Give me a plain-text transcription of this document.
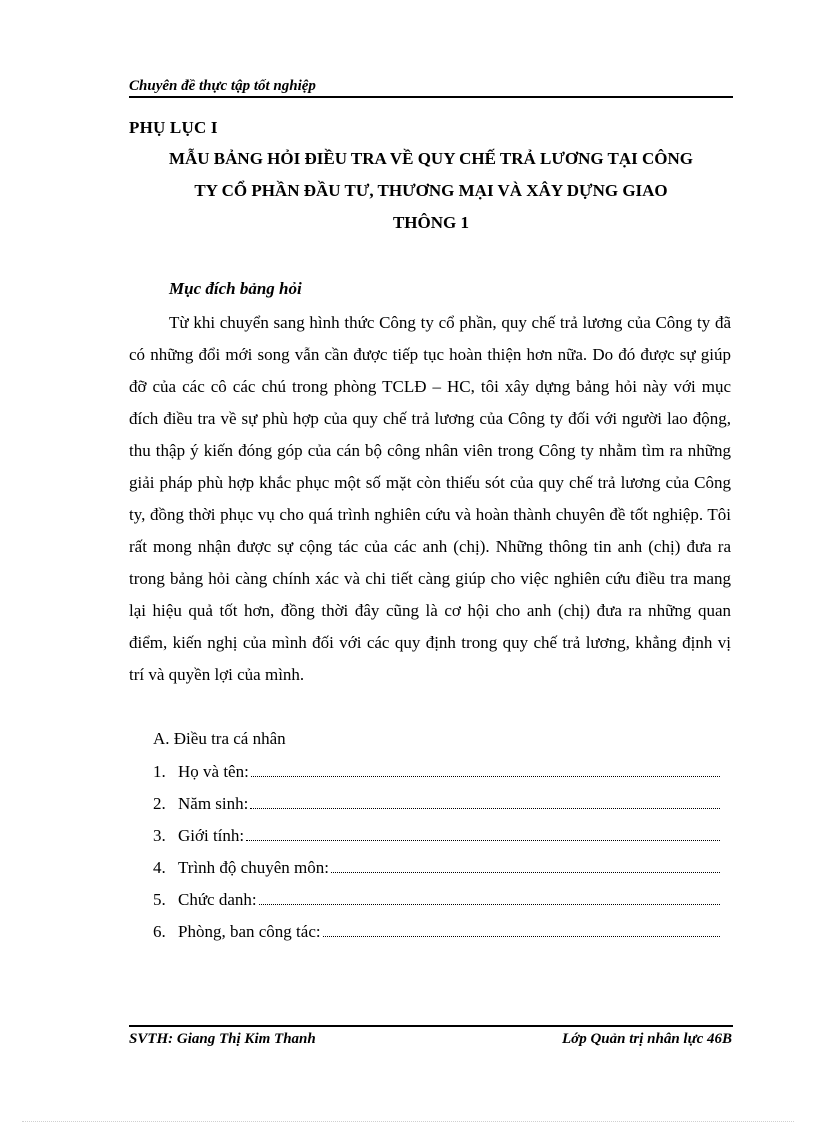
Chuyên đề thực tập tốt nghiệp
PHỤ LỤC I
MẪU BẢNG HỎI ĐIỀU TRA VỀ QUY CHẾ TRẢ LƯƠNG TẠI CÔNG
TY CỔ PHẦN ĐẦU TƯ, THƯƠNG MẠI VÀ XÂY DỰNG GIAO
THÔNG 1
Mục đích bảng hỏi
Từ khi chuyển sang hình thức Công ty cổ phần, quy chế trả lương của Công ty đã có những đổi mới song vẫn cần được tiếp tục hoàn thiện hơn nữa. Do đó được sự giúp đỡ của các cô các chú trong phòng TCLĐ – HC, tôi xây dựng bảng hỏi này với mục đích điều tra về sự phù hợp của quy chế trả lương của Công ty đối với người lao động, thu thập ý kiến đóng góp của cán bộ công nhân viên trong Công ty nhằm tìm ra những giải pháp phù hợp khắc phục một số mặt còn thiếu sót của quy chế trả lương của Công ty, đồng thời phục vụ cho quá trình nghiên cứu và hoàn thành chuyên đề tốt nghiệp. Tôi rất mong nhận được sự cộng tác của các anh (chị). Những thông tin anh (chị) đưa ra trong bảng hỏi càng chính xác và chi tiết càng giúp cho việc nghiên cứu điều tra mang lại hiệu quả tốt hơn, đồng thời đây cũng là cơ hội cho anh (chị) đưa ra những quan điểm, kiến nghị của mình đối với các quy định trong quy chế trả lương, khẳng định vị trí và quyền lợi của mình.
A. Điều tra cá nhân
1. Họ và tên:
2. Năm sinh:
3. Giới tính:
4. Trình độ chuyên môn:
5. Chức danh:
6. Phòng, ban công tác:
SVTH: Giang Thị Kim Thanh	Lớp Quản trị nhân lực 46B
